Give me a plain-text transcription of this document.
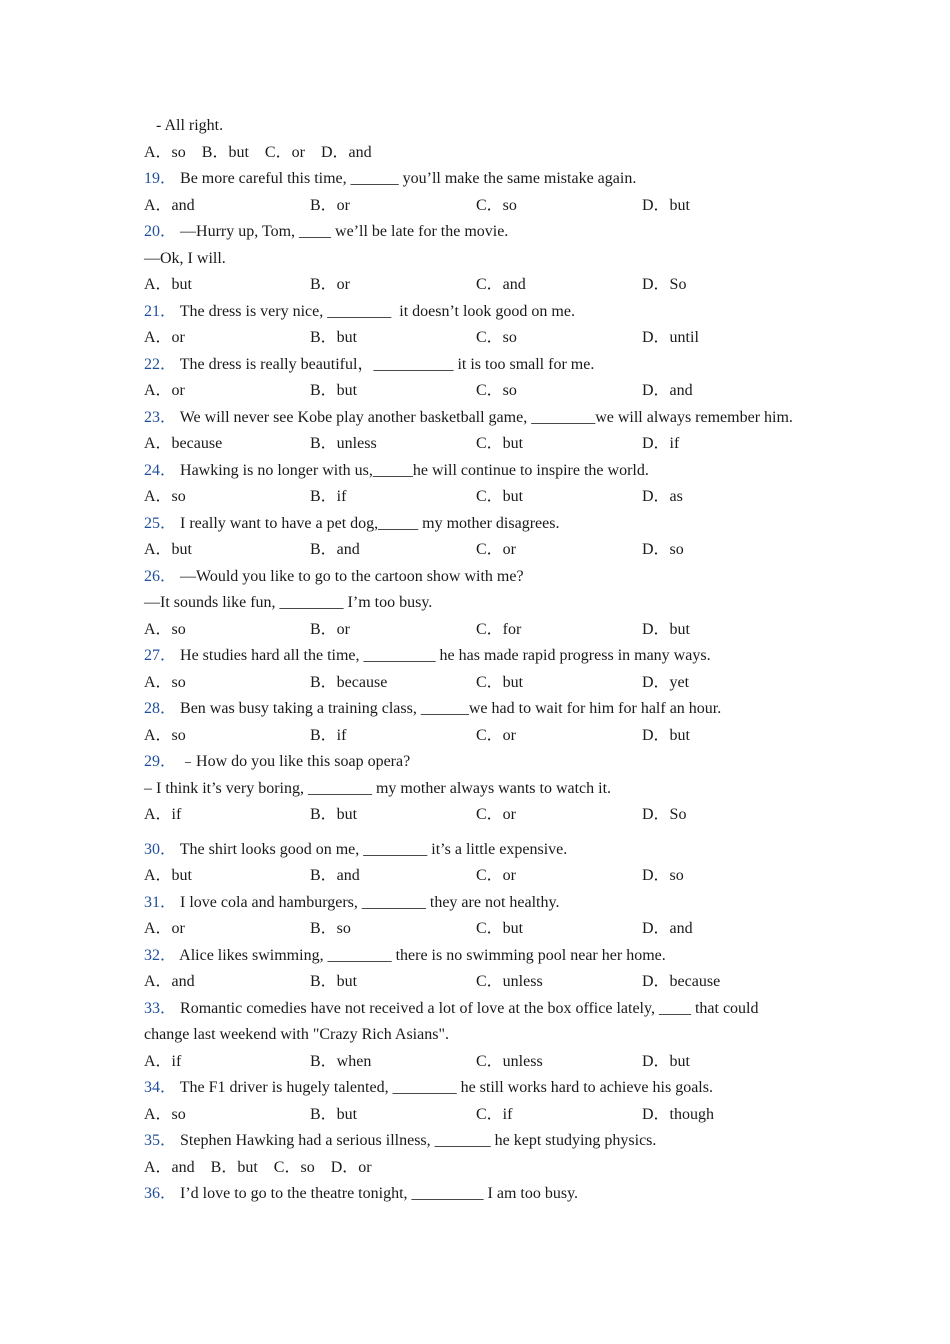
- All right.
A．so B．but C．or D．and
19． Be more careful this time, ______ you’ll make the same mistake again.
A．and	B．or	C．so	D．but
20． —Hurry up, Tom, ____ we’ll be late for the movie.
—Ok, I will.
A．but	B．or	C．and	D．So
21． The dress is very nice, ________  it doesn’t look good on me.
A．or	B．but	C．so	D．until
22． The dress is really beautiful，__________ it is too small for me.
A．or	B．but	C．so	D．and
23． We will never see Kobe play another basketball game, ________we will always remember him.
A．because	B．unless	C．but	D．if
24． Hawking is no longer with us,_____he will continue to inspire the world.
A．so	B．if	C．but	D．as
25． I really want to have a pet dog,_____ my mother disagrees.
A．but	B．and	C．or	D．so
26． —Would you like to go to the cartoon show with me?
—It sounds like fun, ________ I’m too busy.
A．so	B．or	C．for	D．but
27． He studies hard all the time, _________ he has made rapid progress in many ways.
A．so	B．because	C．but	D．yet
28． Ben was busy taking a training class, ______we had to wait for him for half an hour.
A．so	B．if	C．or	D．but
29． ﹣How do you like this soap opera?
– I think it’s very boring, ________ my mother always wants to watch it.
A．if	B．but	C．or	D．So
30． The shirt looks good on me, ________ it’s a little expensive.
A．but	B．and	C．or	D．so
31． I love cola and hamburgers, ________ they are not healthy.
A．or	B．so	C．but	D．and
32． Alice likes swimming, ________ there is no swimming pool near her home.
A．and	B．but	C．unless	D．because
33． Romantic comedies have not received a lot of love at the box office lately, ____ that could change last weekend with "Crazy Rich Asians".
A．if	B．when	C．unless	D．but
34． The F1 driver is hugely talented, ________ he still works hard to achieve his goals.
A．so	B．but	C．if	D．though
35． Stephen Hawking had a serious illness, _______ he kept studying physics.
A．and B．but C．so D．or
36． I’d love to go to the theatre tonight, _________ I am too busy.
